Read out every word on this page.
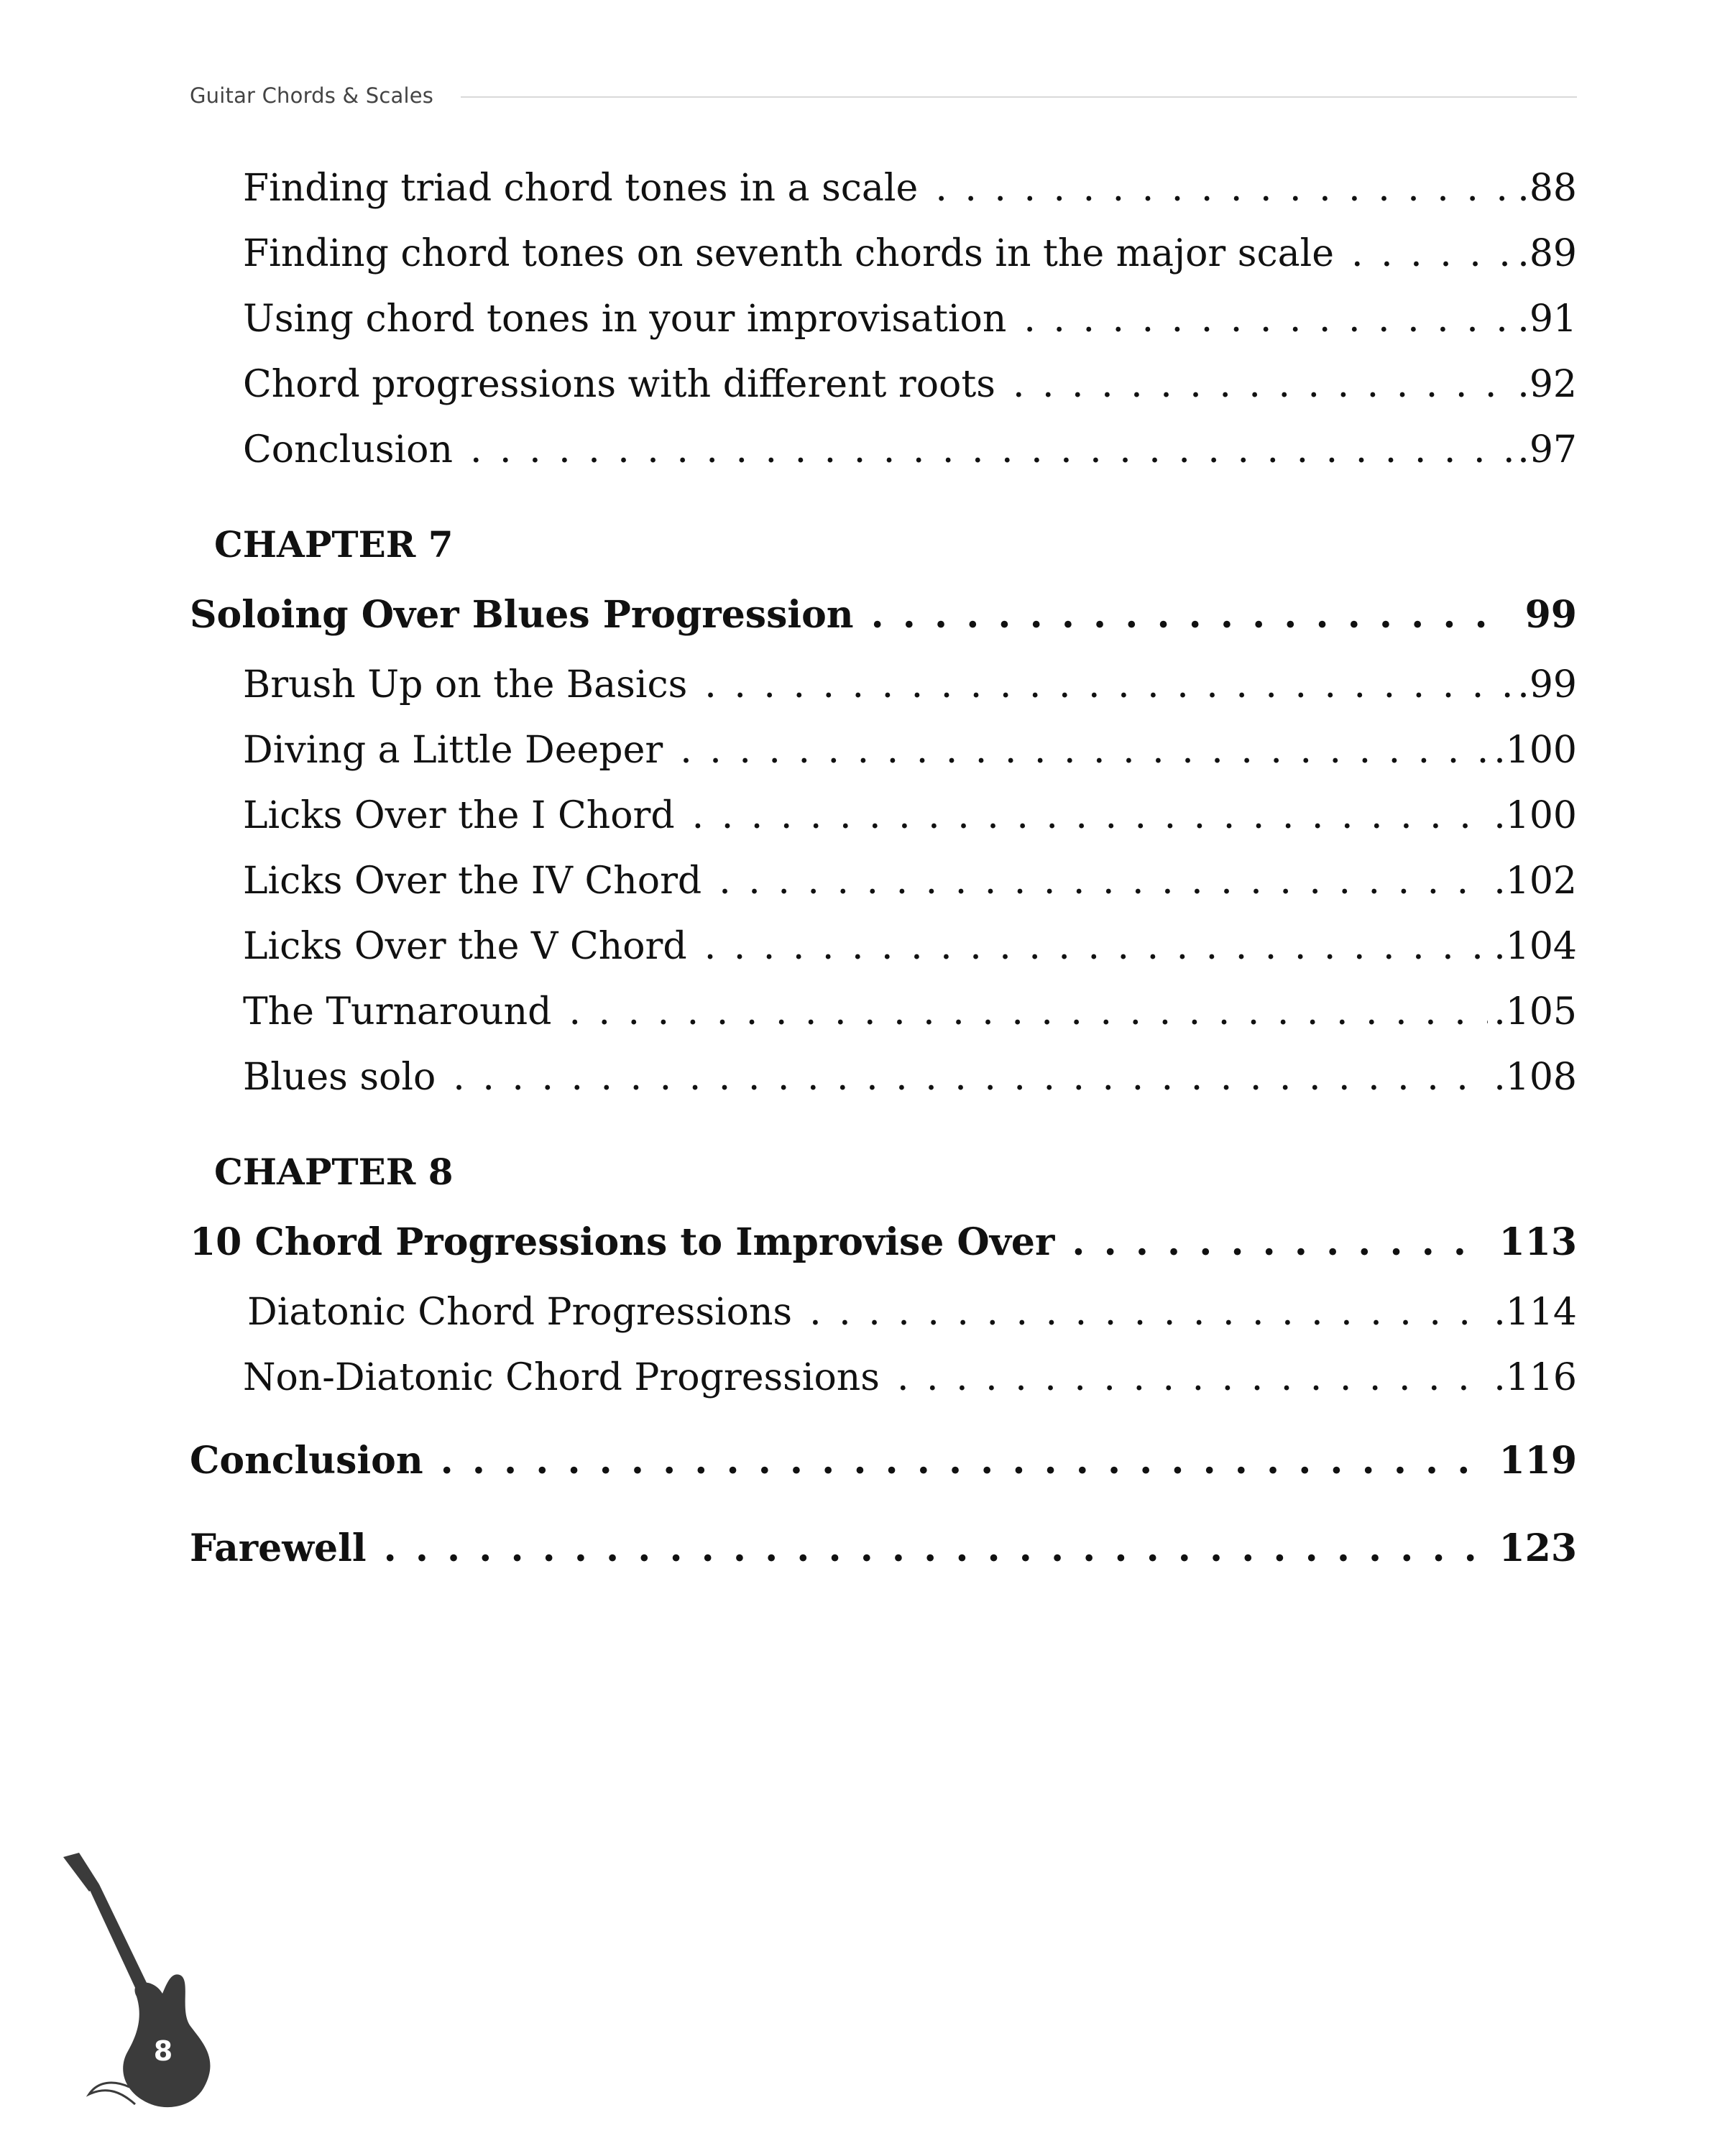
Guitar Chords & Scales
Finding triad chord tones in a scale . . .	.88
Finding chord tones on seventh chords in the major scale . . .	.89
Using chord tones in your improvisation . . .	.91
Chord progressions with different roots . . .	.92
Conclusion . . .	.97
CHAPTER 7
Soloing Over Blues Progression . . .	99
Brush Up on the Basics . . .	.99
Diving a Little Deeper . . .	.100
Licks Over the I Chord . . .	.100
Licks Over the IV Chord . . .	.102
Licks Over the V Chord . . .	.104
The Turnaround . . .	.105
Blues solo . . .	.108
CHAPTER 8
10 Chord Progressions to Improvise Over . . .	113
Diatonic Chord Progressions . . .	.114
Non-Diatonic Chord Progressions . . .	.116
Conclusion . . .	119
Farewell . . .	123
8
